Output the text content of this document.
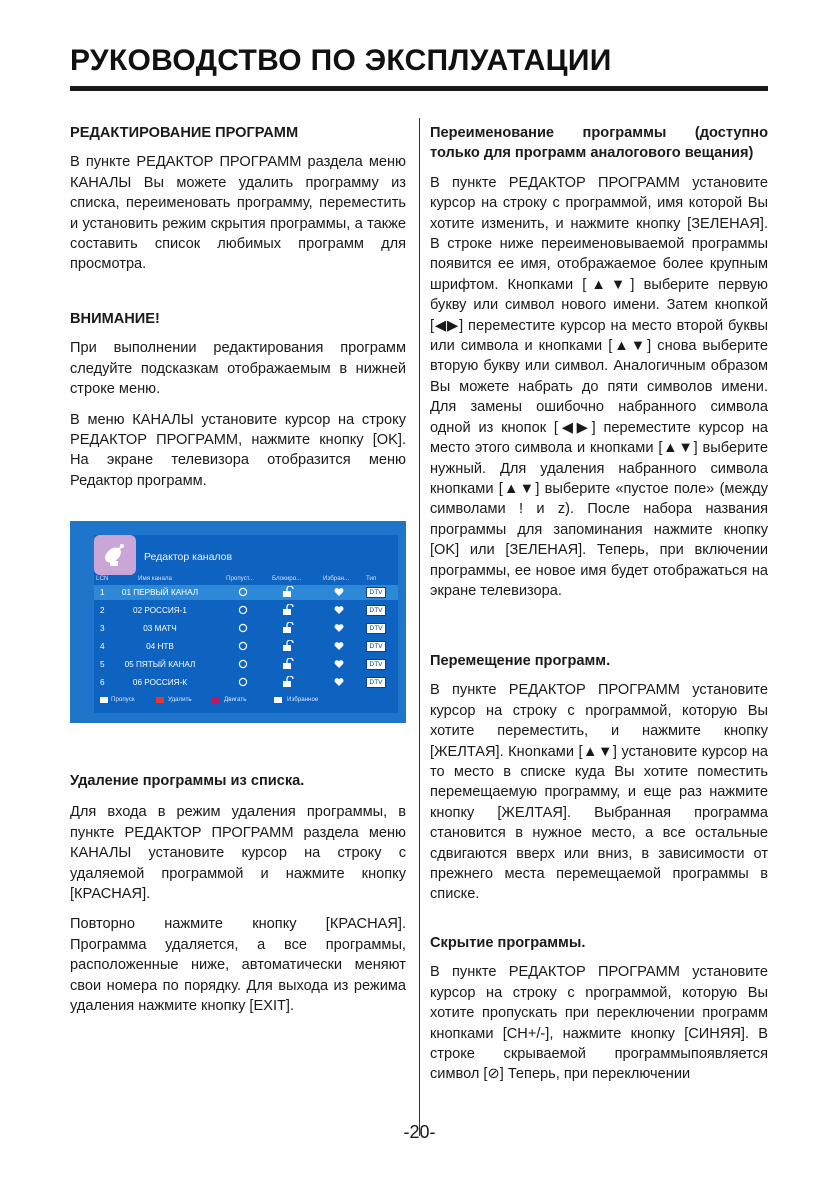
РУКОВОДСТВО ПО ЭКСПЛУАТАЦИИ

РЕДАКТИРОВАНИЕ ПРОГРАММ

В пункте РЕДАКТОР ПРОГРАММ раздела меню КАНАЛЫ Вы можете удалить программу из списка, переименовать программу, переместить и установить режим скрытия программы, а также составить список любимых программ для просмотра.

ВНИМАНИЕ!

При выполнении редактирования программ следуйте подсказкам отображаемым в нижней строке меню.

В меню КАНАЛЫ установите курсор на строку РЕДАКТОР ПРОГРАММ, нажмите кнопку [OK]. На экране телевизора отобразится меню Редактор программ.

Редактор каналов
LCN	Имя канала	Пропуст...	Блокиро...	Избран...	Тип
1	01 ПЕРВЫЙ КАНАЛ	DTV
2	02 РОССИЯ-1	DTV
3	03 МАТЧ	DTV
4	04 НТВ	DTV
5	05 ПЯТЫЙ КАНАЛ	DTV
6	06 РОССИЯ-К	DTV
Пропуск	Удалить	Двигать	Избранное

Удаление программы из списка.

Для входа в режим удаления программы, в пункте РЕДАКТОР ПРОГРАММ раздела меню КАНАЛЫ установите курсор на строку с удаляемой программой и нажмите кнопку [КРАСНАЯ].

Повторно нажмите кнопку [КРАСНАЯ]. Программа удаляется, а все программы, расположенные ниже, автоматически меняют свои номера по порядку. Для выхода из режима удаления нажмите кнопку [EXIT].

Переименование программы (доступно только для программ аналогового вещания)

В пункте РЕДАКТОР ПРОГРАММ установите курсор на строку с программой, имя которой Вы хотите изменить, и нажмите кнопку [ЗЕЛЕНАЯ]. В строке ниже переименовываемой программы появится ее имя, отображаемое более крупным шрифтом. Кнопками [▲▼] выберите первую букву или символ нового имени. Затем кнопкой [◀▶] переместите курсор на место второй буквы или символа и кнопками [▲▼] снова выберите вторую букву или символ. Аналогичным образом Вы можете набрать до пяти символов имени. Для замены ошибочно набранного символа одной из кнопок [◀▶] переместите курсор на место этого символа и кнопками [▲▼] выберите нужный. Для удаления набранного символа кнопками [▲▼] выберите «пустое поле» (между символами ! и z). После набора названия программы для запоминания нажмите кнопку [OK] или [ЗЕЛЕНАЯ]. Теперь, при включении программы, ее новое имя будет отображаться на экране телевизора.

Перемещение программ.

В пункте РЕДАКТОР ПРОГРАММ установите курсор на строку с nрограммой, которую Вы хотите переместить, и нажмите кнопку [ЖЕЛТАЯ]. Кноnками [▲▼] установите курсор на то место в списке куда Вы хотите поместить перемещаемую программу, и еще раз нажмите кнопку [ЖЕЛТАЯ]. Выбранная программа становится в нужное место, а все остальные сдвигаются вверх или вниз, в зависимости от прежнего места перемещаемой программы в списке.

Скрытие программы.

В пункте РЕДАКТОР ПРОГРАММ установите курсор на строку с nрограммой, которую Вы хотите пропускать при переключении программ кнопками [CH+/-], нажмите кнопку [СИНЯЯ]. В строке скрываемой программыпоявляется символ [⊘] Теперь, при переключении

-20-
